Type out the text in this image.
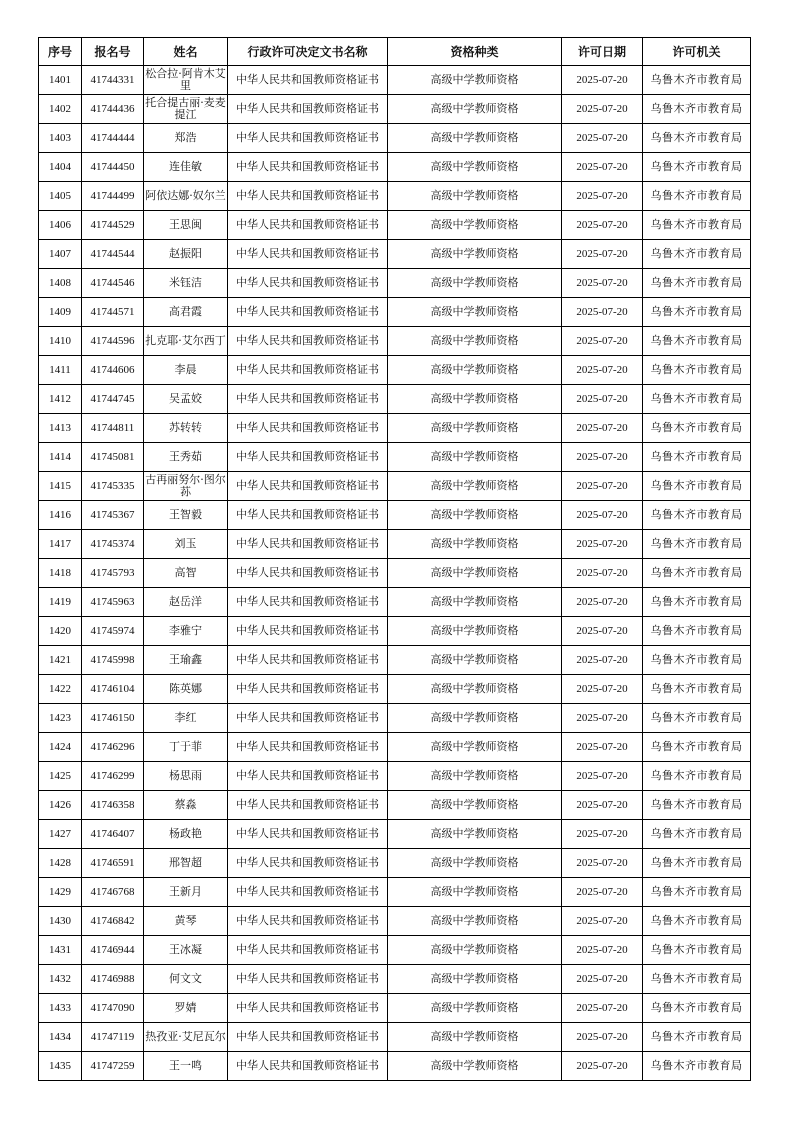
序号	报名号	姓名	行政许可决定文书名称	资格种类	许可日期	许可机关
1401	41744331	松合拉·阿肯木艾里	中华人民共和国教师资格证书	高级中学教师资格	2025-07-20	乌鲁木齐市教育局
1402	41744436	托合提古丽·麦麦提江	中华人民共和国教师资格证书	高级中学教师资格	2025-07-20	乌鲁木齐市教育局
1403	41744444	郑浩	中华人民共和国教师资格证书	高级中学教师资格	2025-07-20	乌鲁木齐市教育局
1404	41744450	连佳敏	中华人民共和国教师资格证书	高级中学教师资格	2025-07-20	乌鲁木齐市教育局
1405	41744499	阿依达娜·奴尔兰	中华人民共和国教师资格证书	高级中学教师资格	2025-07-20	乌鲁木齐市教育局
1406	41744529	王思闽	中华人民共和国教师资格证书	高级中学教师资格	2025-07-20	乌鲁木齐市教育局
1407	41744544	赵振阳	中华人民共和国教师资格证书	高级中学教师资格	2025-07-20	乌鲁木齐市教育局
1408	41744546	米钰洁	中华人民共和国教师资格证书	高级中学教师资格	2025-07-20	乌鲁木齐市教育局
1409	41744571	高君霞	中华人民共和国教师资格证书	高级中学教师资格	2025-07-20	乌鲁木齐市教育局
1410	41744596	扎克耶·艾尔西丁	中华人民共和国教师资格证书	高级中学教师资格	2025-07-20	乌鲁木齐市教育局
1411	41744606	李晨	中华人民共和国教师资格证书	高级中学教师资格	2025-07-20	乌鲁木齐市教育局
1412	41744745	吴孟姣	中华人民共和国教师资格证书	高级中学教师资格	2025-07-20	乌鲁木齐市教育局
1413	41744811	苏转转	中华人民共和国教师资格证书	高级中学教师资格	2025-07-20	乌鲁木齐市教育局
1414	41745081	王秀茹	中华人民共和国教师资格证书	高级中学教师资格	2025-07-20	乌鲁木齐市教育局
1415	41745335	古再丽努尔·图尔荪	中华人民共和国教师资格证书	高级中学教师资格	2025-07-20	乌鲁木齐市教育局
1416	41745367	王智毅	中华人民共和国教师资格证书	高级中学教师资格	2025-07-20	乌鲁木齐市教育局
1417	41745374	刘玉	中华人民共和国教师资格证书	高级中学教师资格	2025-07-20	乌鲁木齐市教育局
1418	41745793	高智	中华人民共和国教师资格证书	高级中学教师资格	2025-07-20	乌鲁木齐市教育局
1419	41745963	赵岳洋	中华人民共和国教师资格证书	高级中学教师资格	2025-07-20	乌鲁木齐市教育局
1420	41745974	李雅宁	中华人民共和国教师资格证书	高级中学教师资格	2025-07-20	乌鲁木齐市教育局
1421	41745998	王瑜鑫	中华人民共和国教师资格证书	高级中学教师资格	2025-07-20	乌鲁木齐市教育局
1422	41746104	陈英娜	中华人民共和国教师资格证书	高级中学教师资格	2025-07-20	乌鲁木齐市教育局
1423	41746150	李红	中华人民共和国教师资格证书	高级中学教师资格	2025-07-20	乌鲁木齐市教育局
1424	41746296	丁于菲	中华人民共和国教师资格证书	高级中学教师资格	2025-07-20	乌鲁木齐市教育局
1425	41746299	杨思雨	中华人民共和国教师资格证书	高级中学教师资格	2025-07-20	乌鲁木齐市教育局
1426	41746358	蔡淼	中华人民共和国教师资格证书	高级中学教师资格	2025-07-20	乌鲁木齐市教育局
1427	41746407	杨政艳	中华人民共和国教师资格证书	高级中学教师资格	2025-07-20	乌鲁木齐市教育局
1428	41746591	邢智超	中华人民共和国教师资格证书	高级中学教师资格	2025-07-20	乌鲁木齐市教育局
1429	41746768	王新月	中华人民共和国教师资格证书	高级中学教师资格	2025-07-20	乌鲁木齐市教育局
1430	41746842	黄琴	中华人民共和国教师资格证书	高级中学教师资格	2025-07-20	乌鲁木齐市教育局
1431	41746944	王冰凝	中华人民共和国教师资格证书	高级中学教师资格	2025-07-20	乌鲁木齐市教育局
1432	41746988	何文文	中华人民共和国教师资格证书	高级中学教师资格	2025-07-20	乌鲁木齐市教育局
1433	41747090	罗婧	中华人民共和国教师资格证书	高级中学教师资格	2025-07-20	乌鲁木齐市教育局
1434	41747119	热孜亚·艾尼瓦尔	中华人民共和国教师资格证书	高级中学教师资格	2025-07-20	乌鲁木齐市教育局
1435	41747259	王一鸣	中华人民共和国教师资格证书	高级中学教师资格	2025-07-20	乌鲁木齐市教育局
